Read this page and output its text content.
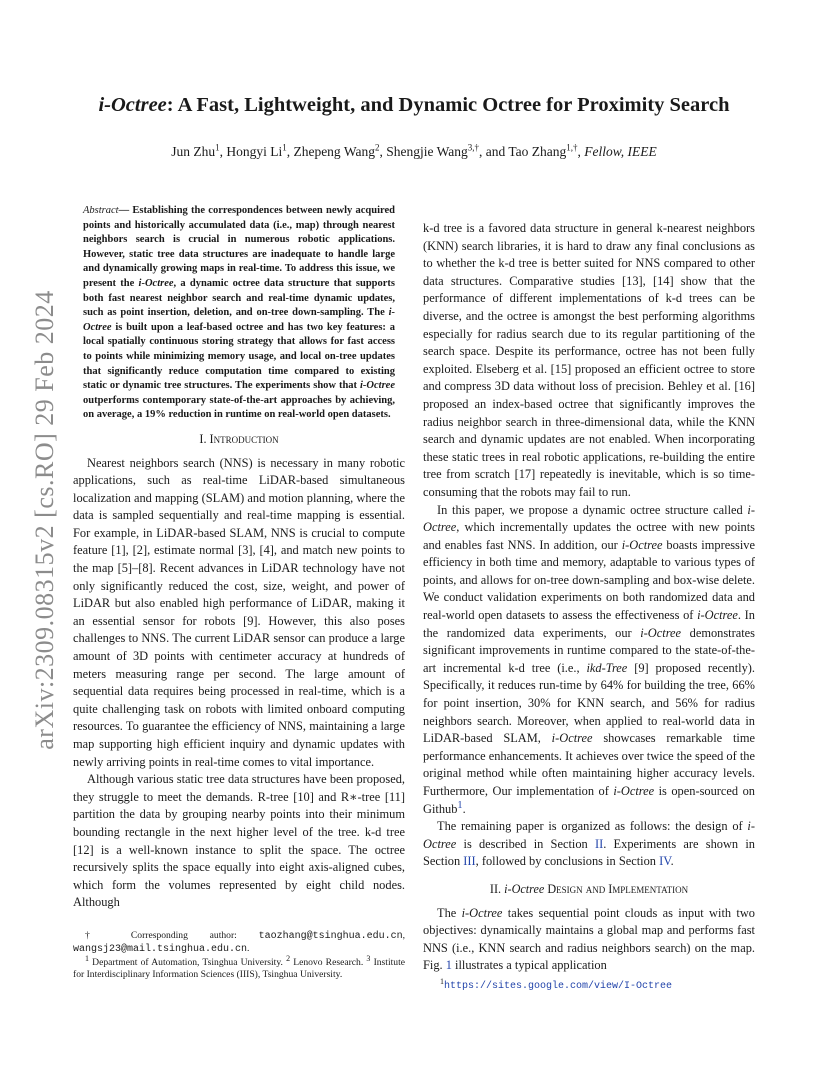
arXiv:2309.08315v2 [cs.RO] 29 Feb 2024
i-Octree: A Fast, Lightweight, and Dynamic Octree for Proximity Search
Jun Zhu$^1$, Hongyi Li$^1$, Zhepeng Wang$^2$, Shengjie Wang$^{3,\dagger}$, and Tao Zhang$^{1,\dagger}$, Fellow, IEEE
Abstract— Establishing the correspondences between newly acquired points and historically accumulated data (i.e., map) through nearest neighbors search is crucial in numerous robotic applications. However, static tree data structures are inadequate to handle large and dynamically growing maps in real-time. To address this issue, we present the i-Octree, a dynamic octree data structure that supports both fast nearest neighbor search and real-time dynamic updates, such as point insertion, deletion, and on-tree down-sampling. The i-Octree is built upon a leaf-based octree and has two key features: a local spatially continuous storing strategy that allows for fast access to points while minimizing memory usage, and local on-tree updates that significantly reduce computation time compared to existing static or dynamic tree structures. The experiments show that i-Octree outperforms contemporary state-of-the-art approaches by achieving, on average, a 19% reduction in runtime on real-world open datasets.
I. Introduction

Nearest neighbors search (NNS) is necessary in many robotic applications, such as real-time LiDAR-based simultaneous localization and mapping (SLAM) and motion planning, where the data is sampled sequentially and real-time mapping is essential. For example, in LiDAR-based SLAM, NNS is crucial to compute feature [1], [2], estimate normal [3], [4], and match new points to the map [5]–[8]. Recent advances in LiDAR technology have not only significantly reduced the cost, size, weight, and power of LiDAR but also enabled high performance of LiDAR, making it an essential sensor for robots [9]. However, this also poses challenges to NNS. The current LiDAR sensor can produce a large amount of 3D points with centimeter accuracy at hundreds of meters measuring range per second. The large amount of sequential data requires being processed in real-time, which is a quite challenging task on robots with limited onboard computing resources. To guarantee the efficiency of NNS, maintaining a large map supporting high efficient inquiry and dynamic updates with newly arriving points in real-time comes to vital importance.

Although various static tree data structures have been proposed, they struggle to meet the demands. R-tree [10] and R∗-tree [11] partition the data by grouping nearby points into their minimum bounding rectangle in the next higher level of the tree. k-d tree [12] is a well-known instance to split the space. The octree recursively splits the space equally into eight axis-aligned cubes, which form the volumes represented by eight child nodes. Although

† Corresponding author: taozhang@tsinghua.edu.cn, wangsj23@mail.tsinghua.edu.cn.
$^1$ Department of Automation, Tsinghua University. $^2$ Lenovo Research. $^3$ Institute for Interdisciplinary Information Sciences (IIIS), Tsinghua University.

k-d tree is a favored data structure in general k-nearest neighbors (KNN) search libraries, it is hard to draw any final conclusions as to whether the k-d tree is better suited for NNS compared to other data structures. Comparative studies [13], [14] show that the performance of different implementations of k-d trees can be diverse, and the octree is amongst the best performing algorithms especially for radius search due to its regular partitioning of the search space. Despite its performance, octree has not been fully exploited. Elseberg et al. [15] proposed an efficient octree to store and compress 3D data without loss of precision. Behley et al. [16] proposed an index-based octree that significantly improves the radius neighbor search in three-dimensional data, while the KNN search and dynamic updates are not enabled. When incorporating these static trees in real robotic applications, re-building the entire tree from scratch [17] repeatedly is inevitable, which is so time-consuming that the robots may fail to run.

In this paper, we propose a dynamic octree structure called i-Octree, which incrementally updates the octree with new points and enables fast NNS. In addition, our i-Octree boasts impressive efficiency in both time and memory, adaptable to various types of points, and allows for on-tree down-sampling and box-wise delete. We conduct validation experiments on both randomized data and real-world open datasets to assess the effectiveness of i-Octree. In the randomized data experiments, our i-Octree demonstrates significant improvements in runtime compared to the state-of-the-art incremental k-d tree (i.e., ikd-Tree [9] proposed recently). Specifically, it reduces run-time by 64% for building the tree, 66% for point insertion, 30% for KNN search, and 56% for radius neighbors search. Moreover, when applied to real-world data in LiDAR-based SLAM, i-Octree showcases remarkable time performance enhancements. It achieves over twice the speed of the original method while often maintaining higher accuracy levels. Furthermore, Our implementation of i-Octree is open-sourced on Github$^1$.

The remaining paper is organized as follows: the design of i-Octree is described in Section II. Experiments are shown in Section III, followed by conclusions in Section IV.

II. i-Octree Design and Implementation

The i-Octree takes sequential point clouds as input with two objectives: dynamically maintains a global map and performs fast NNS (i.e., KNN search and radius neighbors search) on the map. Fig. 1 illustrates a typical application

$^1$https://sites.google.com/view/I-Octree
